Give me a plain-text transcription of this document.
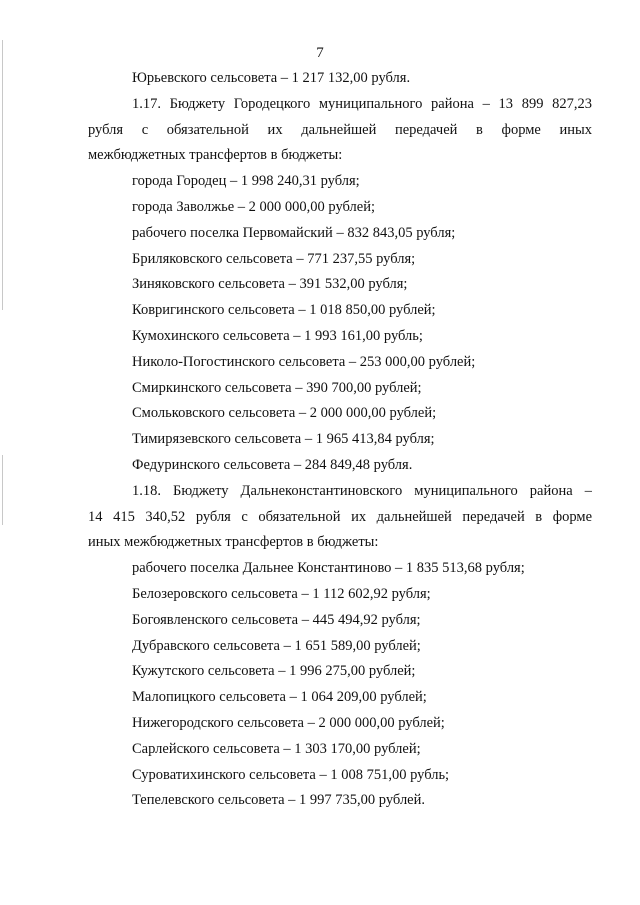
7
Юрьевского сельсовета – 1 217 132,00 рубля.
1.17. Бюджету Городецкого муниципального района – 13 899 827,23
рубля с обязательной их дальнейшей передачей в форме иных
межбюджетных трансфертов в бюджеты:
города Городец – 1 998 240,31 рубля;
города Заволжье – 2 000 000,00 рублей;
рабочего поселка Первомайский – 832 843,05 рубля;
Бриляковского сельсовета – 771 237,55 рубля;
Зиняковского сельсовета – 391 532,00 рубля;
Ковригинского сельсовета – 1 018 850,00 рублей;
Кумохинского сельсовета – 1 993 161,00 рубль;
Николо-Погостинского сельсовета – 253 000,00 рублей;
Смиркинского сельсовета – 390 700,00 рублей;
Смольковского сельсовета – 2 000 000,00 рублей;
Тимирязевского сельсовета – 1 965 413,84 рубля;
Федуринского сельсовета – 284 849,48 рубля.
1.18. Бюджету Дальнеконстантиновского муниципального района –
14 415 340,52 рубля с обязательной их дальнейшей передачей в форме
иных межбюджетных трансфертов в бюджеты:
рабочего поселка Дальнее Константиново – 1 835 513,68 рубля;
Белозеровского сельсовета – 1 112 602,92 рубля;
Богоявленского сельсовета – 445 494,92 рубля;
Дубравского сельсовета – 1 651 589,00 рублей;
Кужутского сельсовета – 1 996 275,00 рублей;
Малопицкого сельсовета – 1 064 209,00 рублей;
Нижегородского сельсовета – 2 000 000,00 рублей;
Сарлейского сельсовета – 1 303 170,00 рублей;
Суроватихинского сельсовета – 1 008 751,00 рубль;
Тепелевского сельсовета – 1 997 735,00 рублей.
